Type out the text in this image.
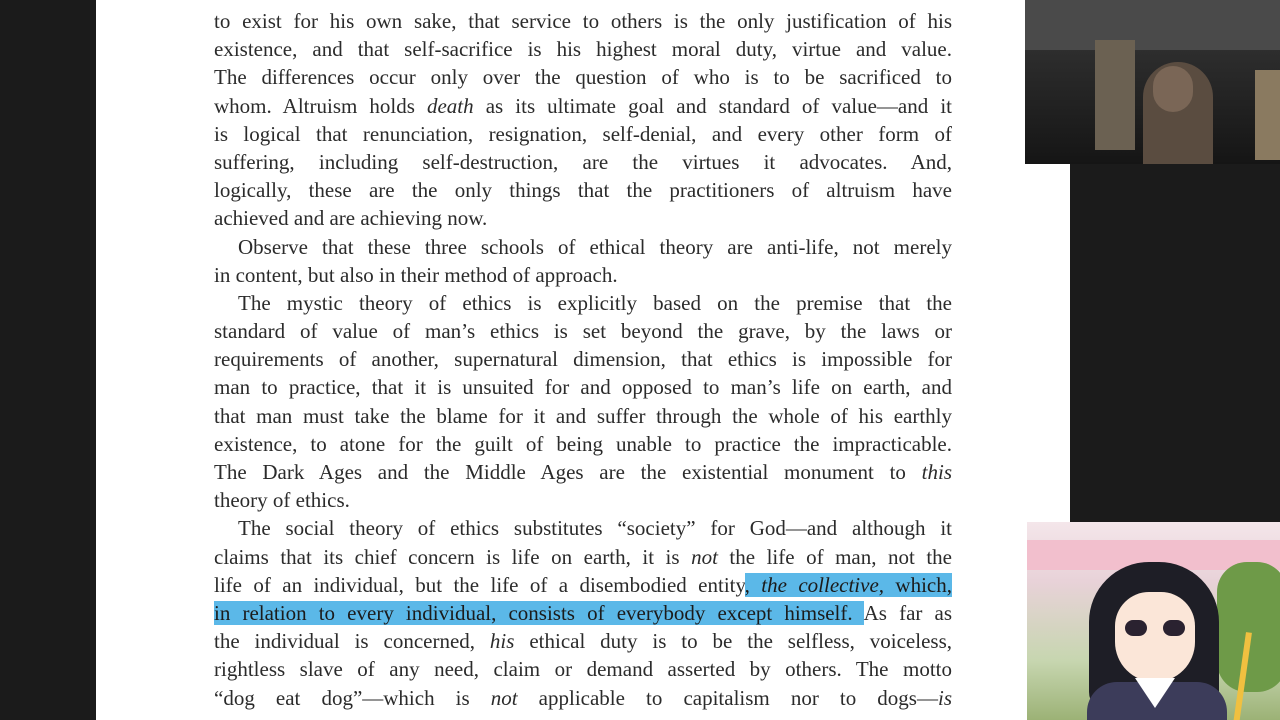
to exist for his own sake, that service to others is the only justification of his
existence, and that self-sacrifice is his highest moral duty, virtue and value.
The differences occur only over the question of who is to be sacrificed to
whom. Altruism holds death as its ultimate goal and standard of value—and it
is logical that renunciation, resignation, self-denial, and every other form of
suffering, including self-destruction, are the virtues it advocates. And,
logically, these are the only things that the practitioners of altruism have
achieved and are achieving now.
Observe that these three schools of ethical theory are anti-life, not merely
in content, but also in their method of approach.
The mystic theory of ethics is explicitly based on the premise that the
standard of value of man’s ethics is set beyond the grave, by the laws or
requirements of another, supernatural dimension, that ethics is impossible for
man to practice, that it is unsuited for and opposed to man’s life on earth, and
that man must take the blame for it and suffer through the whole of his earthly
existence, to atone for the guilt of being unable to practice the impracticable.
The Dark Ages and the Middle Ages are the existential monument to this
theory of ethics.
The social theory of ethics substitutes “society” for God—and although it
claims that its chief concern is life on earth, it is not the life of man, not the
life of an individual, but the life of a disembodied entity, the collective, which,
in relation to every individual, consists of everybody except himself. As far as
the individual is concerned, his ethical duty is to be the selfless, voiceless,
rightless slave of any need, claim or demand asserted by others. The motto
“dog eat dog”—which is not applicable to capitalism nor to dogs—is
